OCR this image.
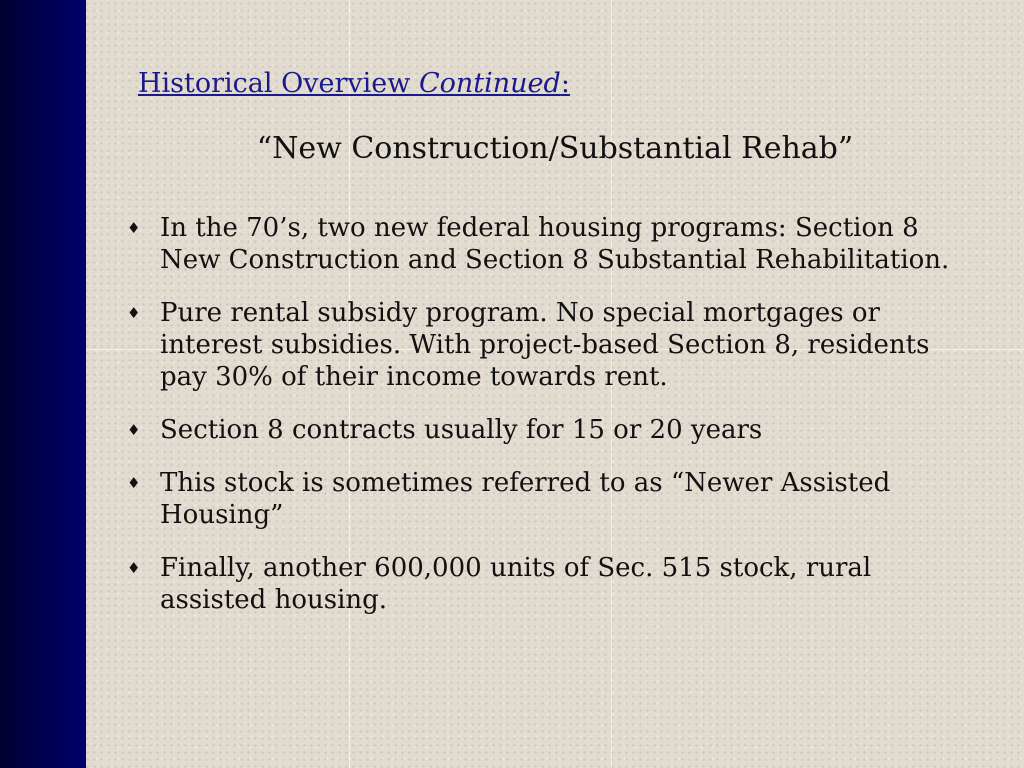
Historical Overview Continued:
“New Construction/Substantial Rehab”
♦ In the 70’s, two new federal housing programs: Section 8 New Construction and Section 8 Substantial Rehabilitation.
♦ Pure rental subsidy program. No special mortgages or interest subsidies. With project-based Section 8, residents pay 30% of their income towards rent.
♦ Section 8 contracts usually for 15 or 20 years
♦ This stock is sometimes referred to as “Newer Assisted Housing”
♦ Finally, another 600,000 units of Sec. 515 stock, rural assisted housing.
